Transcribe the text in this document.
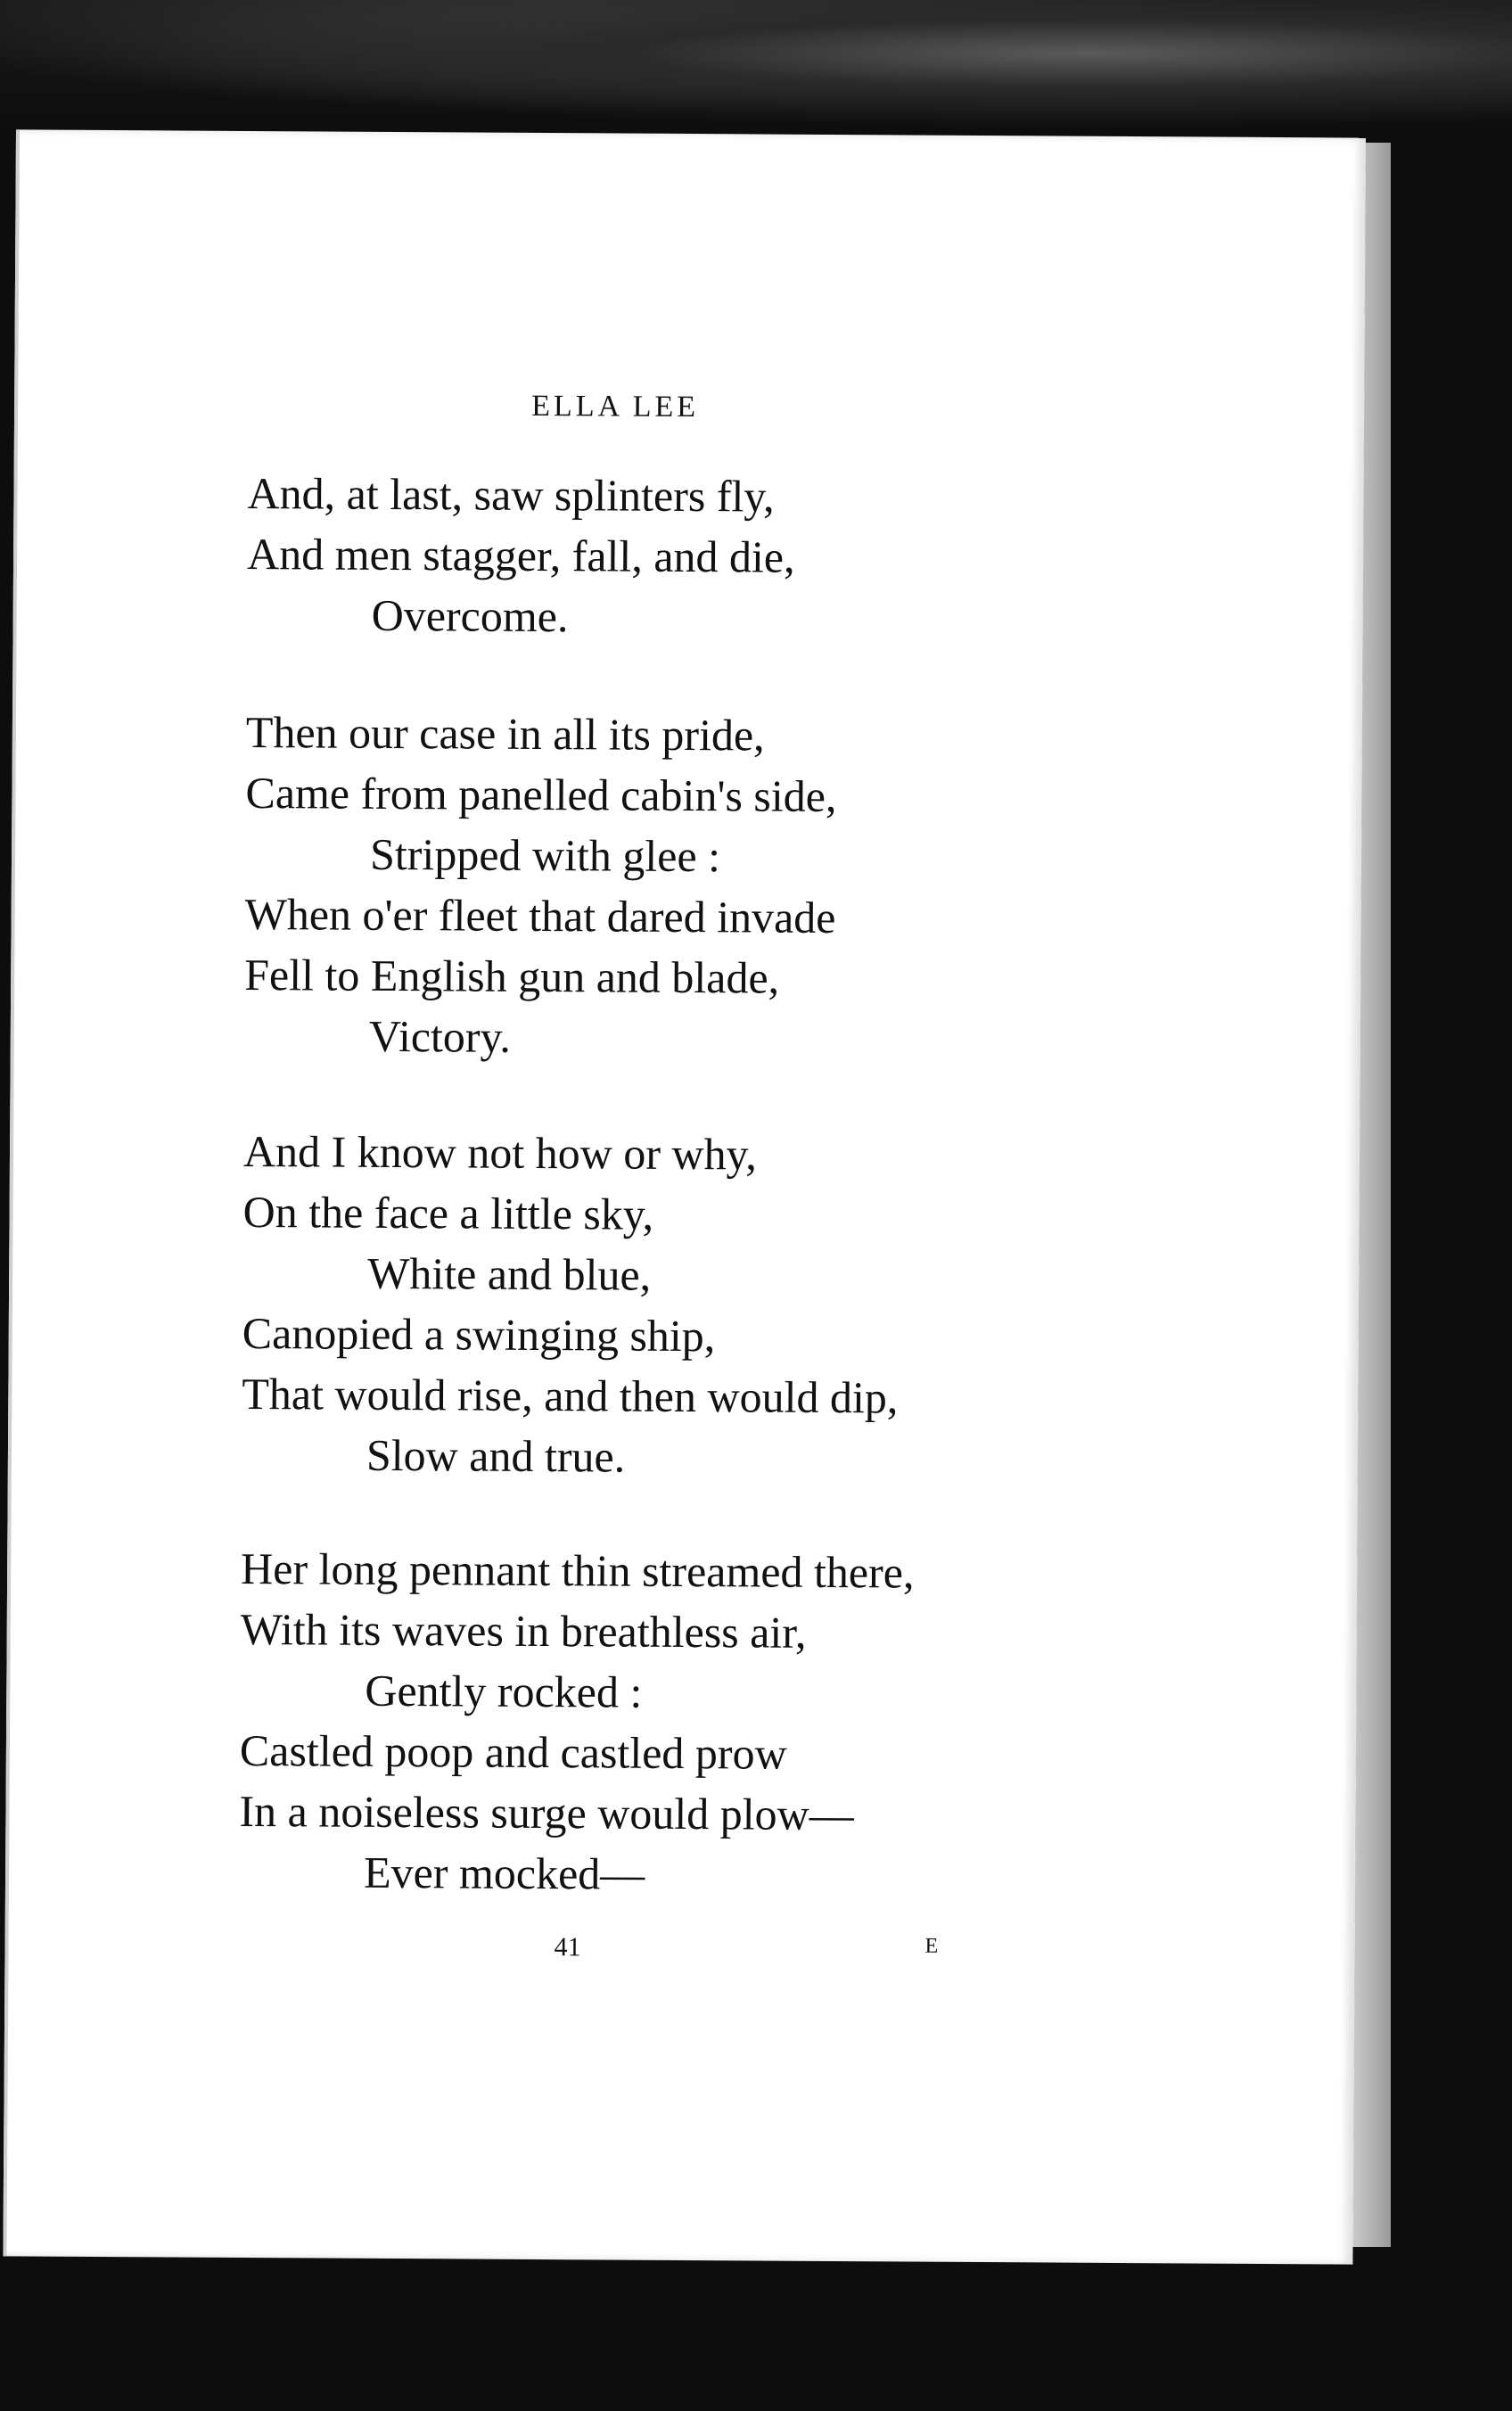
ELLA LEE
And, at last, saw splinters fly,
And men stagger, fall, and die,
Overcome.
Then our case in all its pride,
Came from panelled cabin's side,
Stripped with glee :
When o'er fleet that dared invade
Fell to English gun and blade,
Victory.
And I know not how or why,
On the face a little sky,
White and blue,
Canopied a swinging ship,
That would rise, and then would dip,
Slow and true.
Her long pennant thin streamed there,
With its waves in breathless air,
Gently rocked :
Castled poop and castled prow
In a noiseless surge would plow—
Ever mocked—
41	E
